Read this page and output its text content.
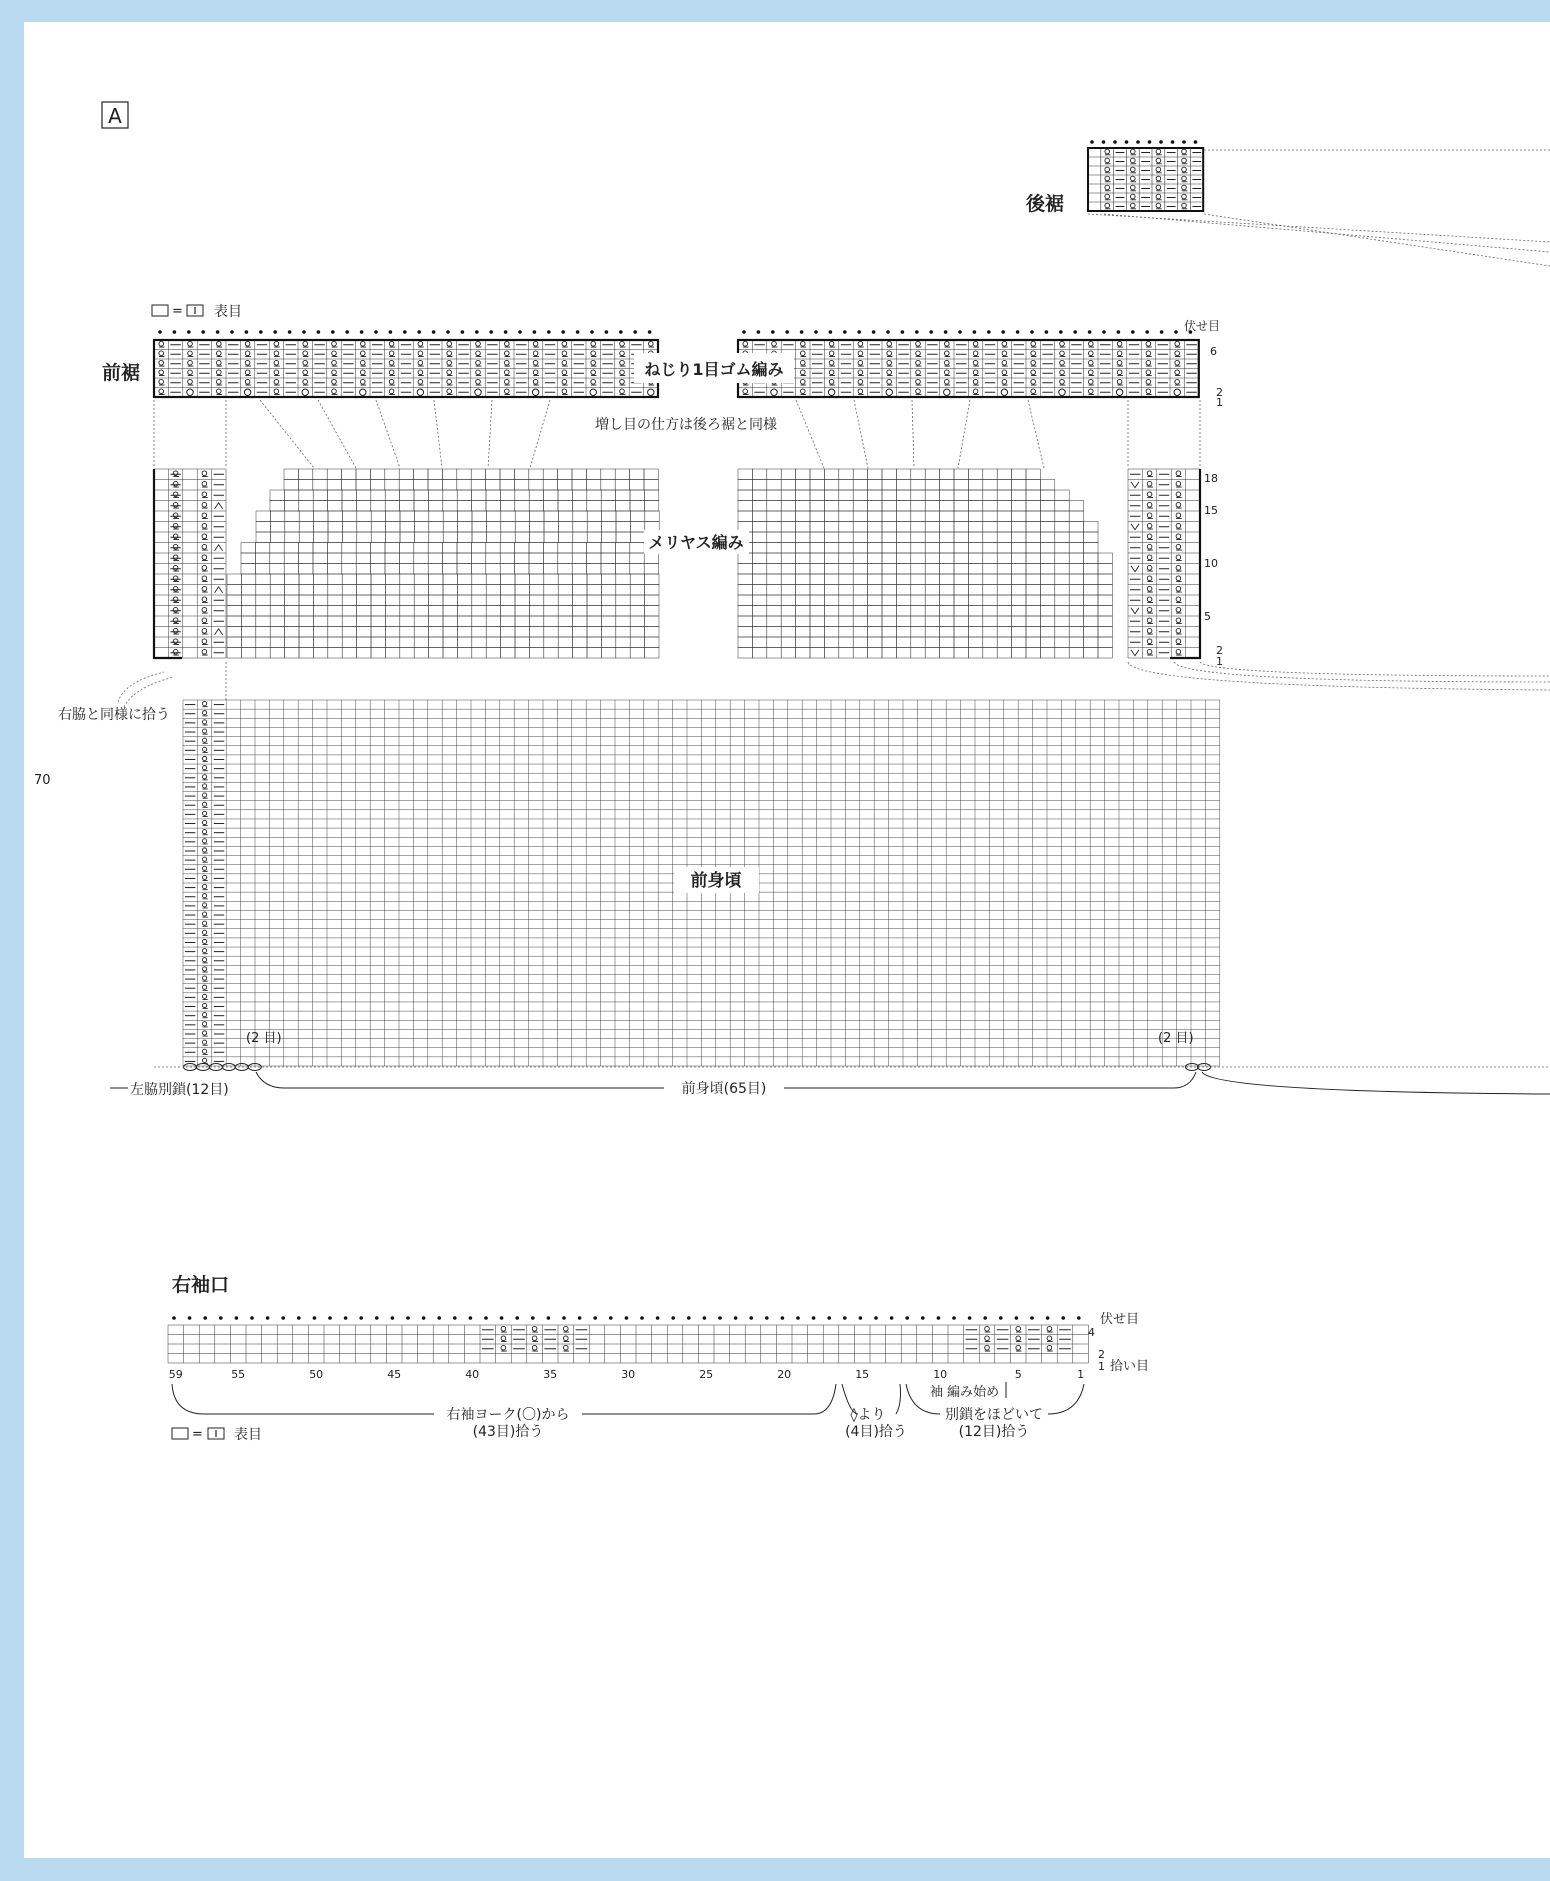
A
70
後裾
= 表目
前裾	ねじり1目ゴム編み
伏せ目
6
2
1
増し目の仕方は後ろ裾と同様
メリヤス編み
18
15
10
5
2
1
前身頃
右脇と同様に拾う
(2 目)	(2 目)
左脇別鎖(12目)	前身頃(65目)
右袖口
伏せ目
4
2
1 拾い目
59	55	50	45	40	35	30	25	20	15	10	5	1
袖 編み始め
右袖ヨーク(〇)から
(43目)拾う
◊より
(4目)拾う
別鎖をほどいて
(12目)拾う
= 表目
